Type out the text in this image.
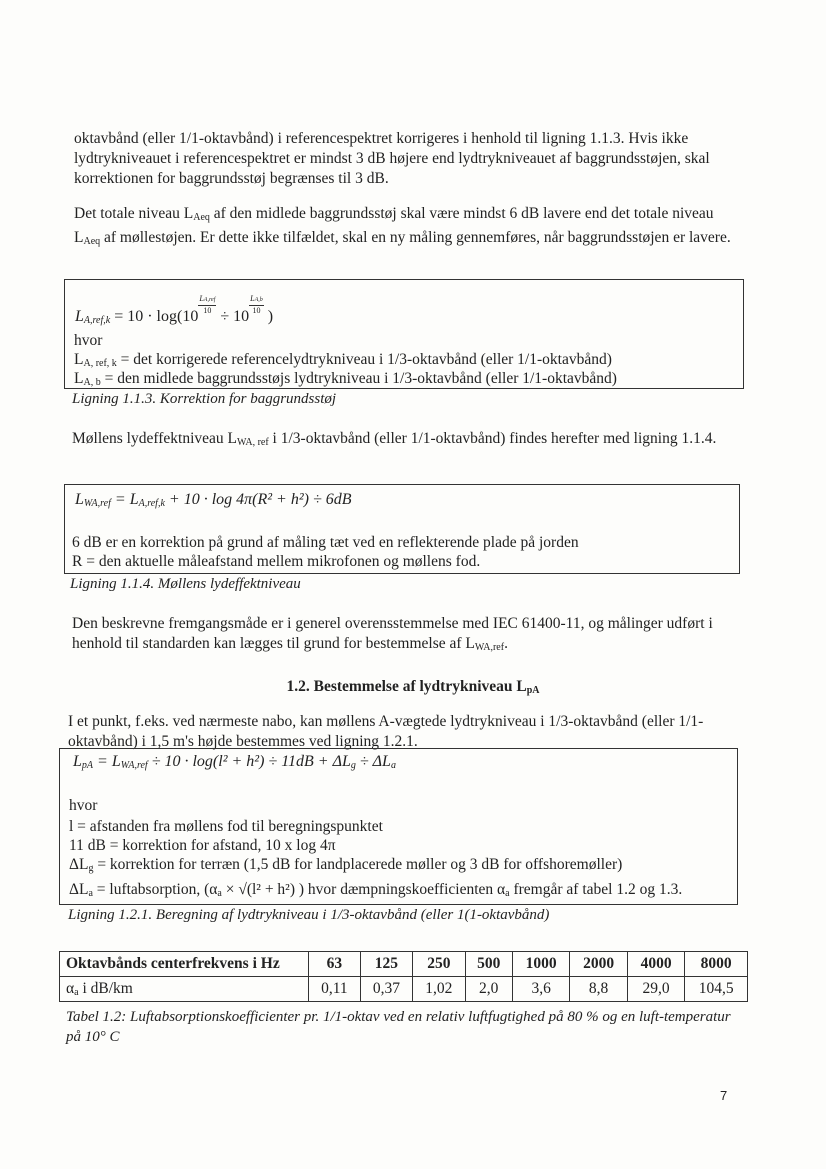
oktavbånd (eller 1/1-oktavbånd) i referencespektret korrigeres i henhold til ligning 1.1.3. Hvis ikke lydtrykniveauet i referencespektret er mindst 3 dB højere end lydtrykniveauet af baggrundsstøjen, skal korrektionen for baggrundsstøj begrænses til 3 dB.

Det totale niveau $L_{Aeq}$ af den midlede baggrundsstøj skal være mindst 6 dB lavere end det totale niveau $L_{Aeq}$ af møllestøjen. Er dette ikke tilfældet, skal en ny måling gennemføres, når baggrundsstøjen er lavere.

$L_{A,ref,k} = 10 \cdot \log(10$
$\frac{\text{LA,ref}}{10}$
÷ 10
$\frac{LA,b}{10}$
)
hvor
$L_{A, ref, k} = \det$ korrigerede referencelydtrykniveau i 1/3-oktavbånd (eller 1/1-oktavbånd)
$L_{A, b}$ = den midlede baggrundsstøjs lydtrykniveau i 1/3-oktavbånd (eller 1/1-oktavbånd)
Ligning 1.1.3. Korrektion for baggrundsstøj

Møllens lydeffektniveau $L_{WA, ref}$ i 1/3-oktavbånd (eller 1/1-oktavbånd) findes herefter med ligning 1.1.4.

$L_{WA,ref} = L_{A,ref,k} + 10 \cdot \log 4\pi(R^2 + h^2) \div 6dB$
6 dB er en korrektion på grund af måling tæt ved en reflekterende plade på jorden
R = den aktuelle måleafstand mellem mikrofonen og møllens fod.
Ligning 1.1.4. Møllens lydeffektniveau

Den beskrevne fremgangsmåde er i generel overensstemmelse med IEC 61400-11, og målinger udført i henhold til standarden kan lægges til grund for bestemmelse af $L_{WA,ref}$.

1.2. Bestemmelse af lydtrykniveau $L_{pA}$

I et punkt, f.eks. ved nærmeste nabo, kan møllens A-vægtede lydtrykniveau i 1/3-oktavbånd (eller 1/1-oktavbånd) i 1,5 m's højde bestemmes ved ligning 1.2.1.

$L_{pA} = L_{WA,ref} \div 10 \cdot \log(l^2 + h^2) \div 11dB + \Delta L_g \div \Delta L_a$
hvor
l = afstanden fra møllens fod til beregningspunktet
11 dB = korrektion for afstand, 10 x log 4π
$\Delta L_g$ = korrektion for terræn (1,5 dB for landplacerede møller og 3 dB for offshoremøller)
$\Delta L_a$ = luftabsorption, ($\alpha_a \times √(l^2 + h^2)$ ) hvor dæmpningskoefficienten $\alpha_a$ fremgår af tabel 1.2 og 1.3.
Ligning 1.2.1. Beregning af lydtrykniveau i 1/3-oktavbånd (eller 1(1-oktavbånd)
Oktavbånds centerfrekvens i Hz	63	125	250	500	1000	2000	4000	8000
$\alpha_a$ i dB/km	0,11	0,37	1,02	2,0	3,6	8,8	29,0	104,5
Tabel 1.2: Luftabsorptionskoefficienter pr. 1/1-oktav ved en relativ luftfugtighed på 80 % og en luft-temperatur på 10° C
7
